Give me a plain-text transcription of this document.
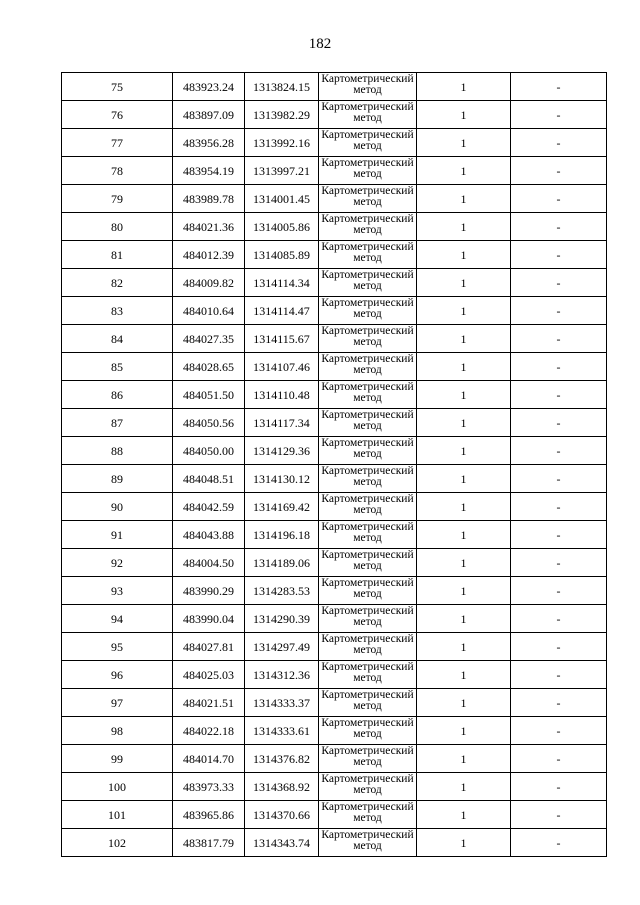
182
75	483923.24	1313824.15	Картометрический метод	1	-
76	483897.09	1313982.29	Картометрический метод	1	-
77	483956.28	1313992.16	Картометрический метод	1	-
78	483954.19	1313997.21	Картометрический метод	1	-
79	483989.78	1314001.45	Картометрический метод	1	-
80	484021.36	1314005.86	Картометрический метод	1	-
81	484012.39	1314085.89	Картометрический метод	1	-
82	484009.82	1314114.34	Картометрический метод	1	-
83	484010.64	1314114.47	Картометрический метод	1	-
84	484027.35	1314115.67	Картометрический метод	1	-
85	484028.65	1314107.46	Картометрический метод	1	-
86	484051.50	1314110.48	Картометрический метод	1	-
87	484050.56	1314117.34	Картометрический метод	1	-
88	484050.00	1314129.36	Картометрический метод	1	-
89	484048.51	1314130.12	Картометрический метод	1	-
90	484042.59	1314169.42	Картометрический метод	1	-
91	484043.88	1314196.18	Картометрический метод	1	-
92	484004.50	1314189.06	Картометрический метод	1	-
93	483990.29	1314283.53	Картометрический метод	1	-
94	483990.04	1314290.39	Картометрический метод	1	-
95	484027.81	1314297.49	Картометрический метод	1	-
96	484025.03	1314312.36	Картометрический метод	1	-
97	484021.51	1314333.37	Картометрический метод	1	-
98	484022.18	1314333.61	Картометрический метод	1	-
99	484014.70	1314376.82	Картометрический метод	1	-
100	483973.33	1314368.92	Картометрический метод	1	-
101	483965.86	1314370.66	Картометрический метод	1	-
102	483817.79	1314343.74	Картометрический метод	1	-
